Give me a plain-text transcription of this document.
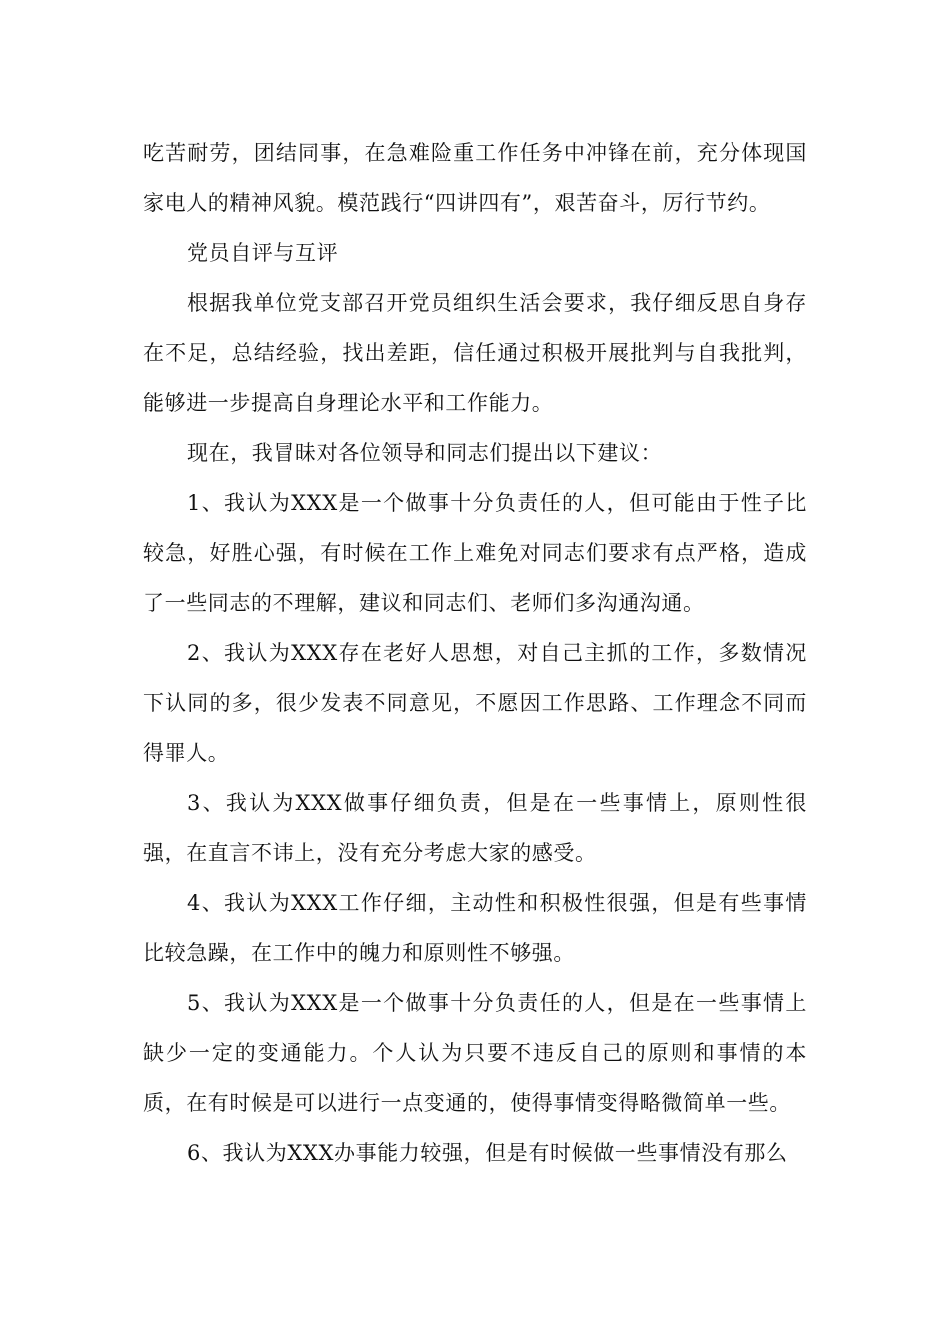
吃苦耐劳，团结同事，在急难险重工作任务中冲锋在前，充分体现国家电人的精神风貌。模范践行“四讲四有”，艰苦奋斗，厉行节约。

党员自评与互评

根据我单位党支部召开党员组织生活会要求，我仔细反思自身存在不足，总结经验，找出差距，信任通过积极开展批判与自我批判，能够进一步提高自身理论水平和工作能力。

现在，我冒昧对各位领导和同志们提出以下建议：

1、我认为XXX是一个做事十分负责任的人，但可能由于性子比较急，好胜心强，有时候在工作上难免对同志们要求有点严格，造成了一些同志的不理解，建议和同志们、老师们多沟通沟通。

2、我认为XXX存在老好人思想，对自己主抓的工作，多数情况下认同的多，很少发表不同意见，不愿因工作思路、工作理念不同而得罪人。

3、我认为XXX做事仔细负责，但是在一些事情上，原则性很强，在直言不讳上，没有充分考虑大家的感受。

4、我认为XXX工作仔细，主动性和积极性很强，但是有些事情比较急躁，在工作中的魄力和原则性不够强。

5、我认为XXX是一个做事十分负责任的人，但是在一些事情上缺少一定的变通能力。个人认为只要不违反自己的原则和事情的本质，在有时候是可以进行一点变通的，使得事情变得略微简单一些。

6、我认为XXX办事能力较强，但是有时候做一些事情没有那么
